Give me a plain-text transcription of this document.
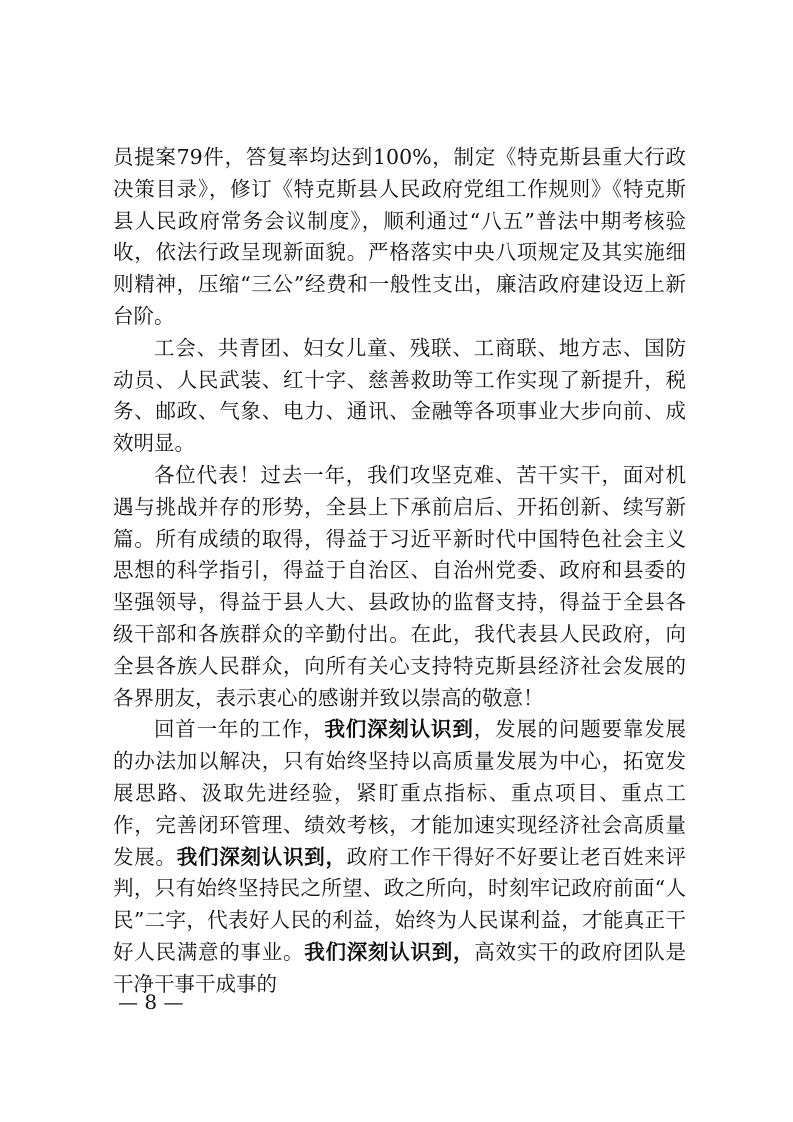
员提案79件，答复率均达到100%，制定《特克斯县重大行政决策目录》，修订《特克斯县人民政府党组工作规则》《特克斯县人民政府常务会议制度》，顺利通过“八五”普法中期考核验收，依法行政呈现新面貌。严格落实中央八项规定及其实施细则精神，压缩“三公”经费和一般性支出，廉洁政府建设迈上新台阶。

工会、共青团、妇女儿童、残联、工商联、地方志、国防动员、人民武装、红十字、慈善救助等工作实现了新提升，税务、邮政、气象、电力、通讯、金融等各项事业大步向前、成效明显。

各位代表！过去一年，我们攻坚克难、苦干实干，面对机遇与挑战并存的形势，全县上下承前启后、开拓创新、续写新篇。所有成绩的取得，得益于习近平新时代中国特色社会主义思想的科学指引，得益于自治区、自治州党委、政府和县委的坚强领导，得益于县人大、县政协的监督支持，得益于全县各级干部和各族群众的辛勤付出。在此，我代表县人民政府，向全县各族人民群众，向所有关心支持特克斯县经济社会发展的各界朋友，表示衷心的感谢并致以崇高的敬意！

回首一年的工作，我们深刻认识到，发展的问题要靠发展的办法加以解决，只有始终坚持以高质量发展为中心，拓宽发展思路、汲取先进经验，紧盯重点指标、重点项目、重点工作，完善闭环管理、绩效考核，才能加速实现经济社会高质量发展。我们深刻认识到，政府工作干得好不好要让老百姓来评判，只有始终坚持民之所望、政之所向，时刻牢记政府前面“人民”二字，代表好人民的利益，始终为人民谋利益，才能真正干好人民满意的事业。我们深刻认识到，高效实干的政府团队是干净干事干成事的

— 8 —
